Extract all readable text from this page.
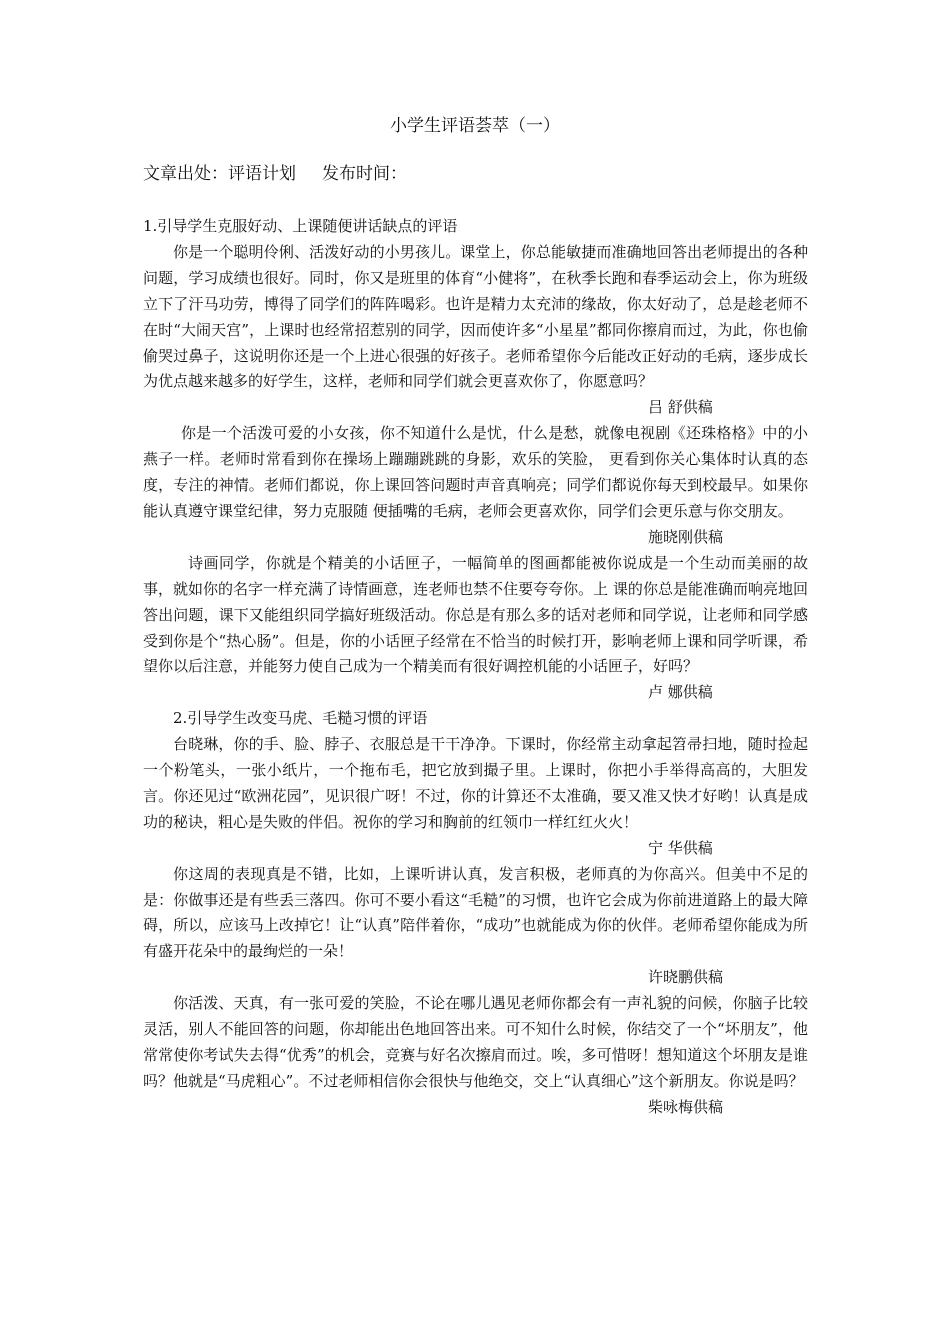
小学生评语荟萃（一）
文章出处：评语计划 发布时间：

1.引导学生克服好动、上课随便讲话缺点的评语

你是一个聪明伶俐、活泼好动的小男孩儿。课堂上，你总能敏捷而准确地回答出老师提出的各种问题，学习成绩也很好。同时，你又是班里的体育“小健将”，在秋季长跑和春季运动会上，你为班级立下了汗马功劳，博得了同学们的阵阵喝彩。也许是精力太充沛的缘故，你太好动了，总是趁老师不在时“大闹天宫”，上课时也经常招惹别的同学，因而使许多“小星星”都同你擦肩而过，为此，你也偷偷哭过鼻子，这说明你还是一个上进心很强的好孩子。老师希望你今后能改正好动的毛病，逐步成长为优点越来越多的好学生，这样，老师和同学们就会更喜欢你了，你愿意吗？

吕 舒供稿

你是一个活泼可爱的小女孩，你不知道什么是忧，什么是愁，就像电视剧《还珠格格》中的小燕子一样。老师时常看到你在操场上蹦蹦跳跳的身影，欢乐的笑脸， 更看到你关心集体时认真的态度，专注的神情。老师们都说，你上课回答问题时声音真响亮；同学们都说你每天到校最早。如果你能认真遵守课堂纪律，努力克服随 便插嘴的毛病，老师会更喜欢你，同学们会更乐意与你交朋友。

施晓刚供稿

诗画同学，你就是个精美的小话匣子，一幅简单的图画都能被你说成是一个生动而美丽的故事，就如你的名字一样充满了诗情画意，连老师也禁不住要夸夸你。上 课的你总是能准确而响亮地回答出问题，课下又能组织同学搞好班级活动。你总是有那么多的话对老师和同学说，让老师和同学感受到你是个“热心肠”。但是，你的小话匣子经常在不恰当的时候打开，影响老师上课和同学听课，希望你以后注意，并能努力使自己成为一个精美而有很好调控机能的小话匣子，好吗？

卢 娜供稿

2.引导学生改变马虎、毛糙习惯的评语

台晓琳，你的手、脸、脖子、衣服总是干干净净。下课时，你经常主动拿起笤帚扫地，随时捡起一个粉笔头，一张小纸片，一个拖布毛，把它放到撮子里。上课时，你把小手举得高高的，大胆发言。你还见过“欧洲花园”，见识很广呀！不过，你的计算还不太准确，要又准又快才好哟！认真是成功的秘诀，粗心是失败的伴侣。祝你的学习和胸前的红领巾一样红红火火！

宁 华供稿

你这周的表现真是不错，比如，上课听讲认真，发言积极，老师真的为你高兴。但美中不足的是：你做事还是有些丢三落四。你可不要小看这“毛糙”的习惯，也许它会成为你前进道路上的最大障碍，所以，应该马上改掉它！让“认真”陪伴着你，“成功”也就能成为你的伙伴。老师希望你能成为所有盛开花朵中的最绚烂的一朵！

许晓鹏供稿

你活泼、天真，有一张可爱的笑脸，不论在哪儿遇见老师你都会有一声礼貌的问候，你脑子比较灵活，别人不能回答的问题，你却能出色地回答出来。可不知什么时候，你结交了一个“坏朋友”，他常常使你考试失去得“优秀”的机会，竞赛与好名次擦肩而过。唉，多可惜呀！想知道这个坏朋友是谁吗？他就是“马虎粗心”。不过老师相信你会很快与他绝交，交上“认真细心”这个新朋友。你说是吗？

柴咏梅供稿
